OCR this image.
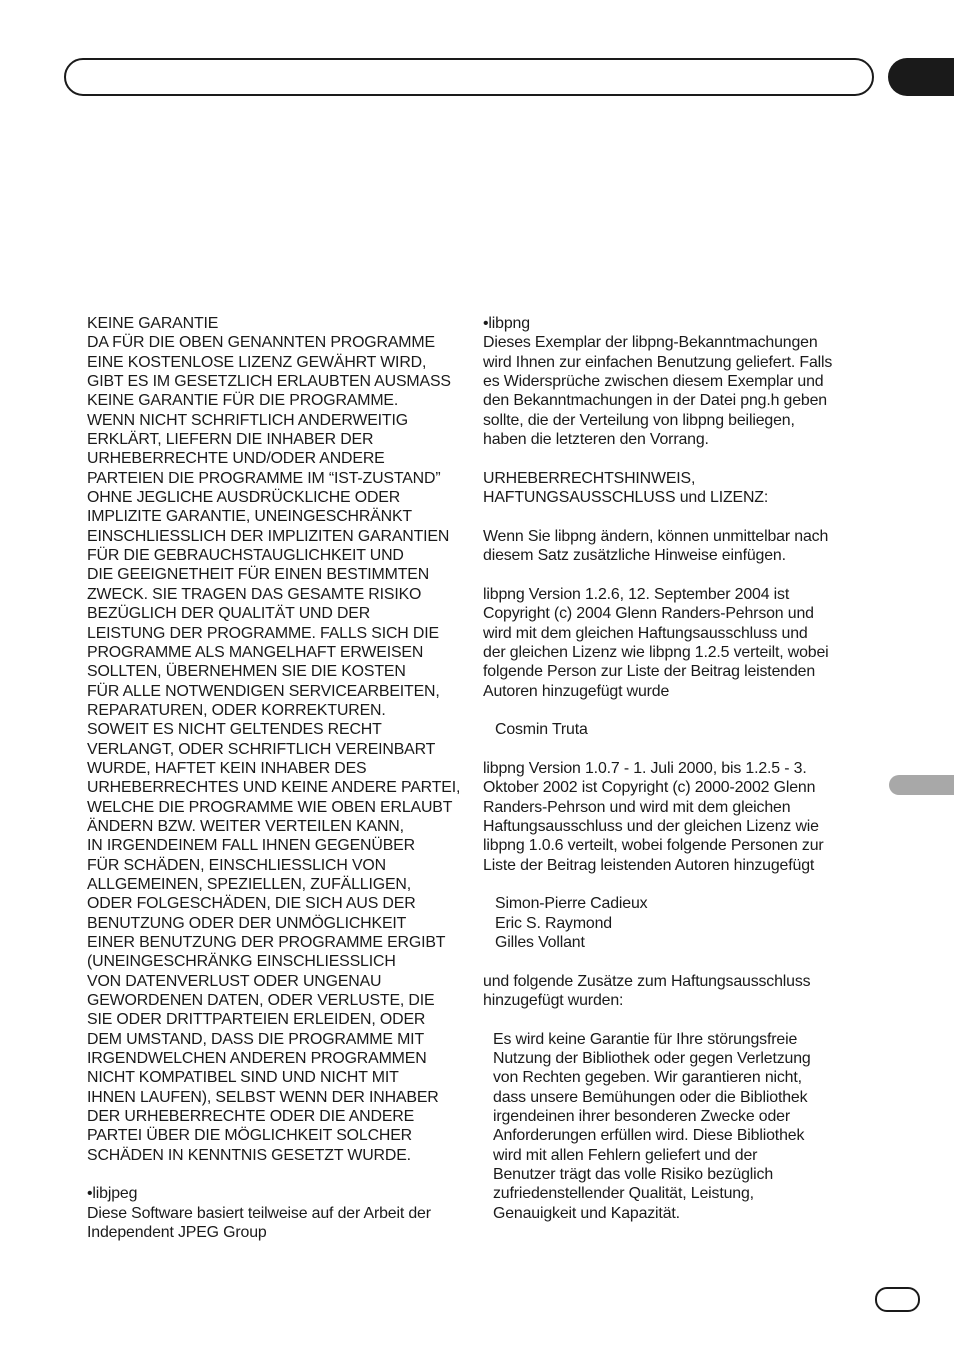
KEINE GARANTIE
DA FÜR DIE OBEN GENANNTEN PROGRAMME
EINE KOSTENLOSE LIZENZ GEWÄHRT WIRD,
GIBT ES IM GESETZLICH ERLAUBTEN AUSMASS
KEINE GARANTIE FÜR DIE PROGRAMME.
WENN NICHT SCHRIFTLICH ANDERWEITIG
ERKLÄRT, LIEFERN DIE INHABER DER
URHEBERRECHTE UND/ODER ANDERE
PARTEIEN DIE PROGRAMME IM “IST-ZUSTAND”
OHNE JEGLICHE AUSDRÜCKLICHE ODER
IMPLIZITE GARANTIE, UNEINGESCHRÄNKT
EINSCHLIESSLICH DER IMPLIZITEN GARANTIEN
FÜR DIE GEBRAUCHSTAUGLICHKEIT UND
DIE GEEIGNETHEIT FÜR EINEN BESTIMMTEN
ZWECK. SIE TRAGEN DAS GESAMTE RISIKO
BEZÜGLICH DER QUALITÄT UND DER
LEISTUNG DER PROGRAMME. FALLS SICH DIE
PROGRAMME ALS MANGELHAFT ERWEISEN
SOLLTEN, ÜBERNEHMEN SIE DIE KOSTEN
FÜR ALLE NOTWENDIGEN SERVICEARBEITEN,
REPARATUREN, ODER KORREKTUREN.
SOWEIT ES NICHT GELTENDES RECHT
VERLANGT, ODER SCHRIFTLICH VEREINBART
WURDE, HAFTET KEIN INHABER DES
URHEBERRECHTES UND KEINE ANDERE PARTEI,
WELCHE DIE PROGRAMME WIE OBEN ERLAUBT
ÄNDERN BZW. WEITER VERTEILEN KANN,
IN IRGENDEINEM FALL IHNEN GEGENÜBER
FÜR SCHÄDEN, EINSCHLIESSLICH VON
ALLGEMEINEN, SPEZIELLEN, ZUFÄLLIGEN,
ODER FOLGESCHÄDEN, DIE SICH AUS DER
BENUTZUNG ODER DER UNMÖGLICHKEIT
EINER BENUTZUNG DER PROGRAMME ERGIBT
(UNEINGESCHRÄNKG EINSCHLIESSLICH
VON DATENVERLUST ODER UNGENAU
GEWORDENEN DATEN, ODER VERLUSTE, DIE
SIE ODER DRITTPARTEIEN ERLEIDEN, ODER
DEM UMSTAND, DASS DIE PROGRAMME MIT
IRGENDWELCHEN ANDEREN PROGRAMMEN
NICHT KOMPATIBEL SIND UND NICHT MIT
IHNEN LAUFEN), SELBST WENN DER INHABER
DER URHEBERRECHTE ODER DIE ANDERE
PARTEI ÜBER DIE MÖGLICHKEIT SOLCHER
SCHÄDEN IN KENNTNIS GESETZT WURDE.
•libjpeg
Diese Software basiert teilweise auf der Arbeit der
Independent JPEG Group
•libpng
Dieses Exemplar der libpng-Bekanntmachungen
wird Ihnen zur einfachen Benutzung geliefert. Falls
es Widersprüche zwischen diesem Exemplar und
den Bekanntmachungen in der Datei png.h geben
sollte, die der Verteilung von libpng beiliegen,
haben die letzteren den Vorrang.
URHEBERRECHTSHINWEIS,
HAFTUNGSAUSSCHLUSS und LIZENZ:
Wenn Sie libpng ändern, können unmittelbar nach
diesem Satz zusätzliche Hinweise einfügen.
libpng Version 1.2.6, 12. September 2004 ist
Copyright (c) 2004 Glenn Randers-Pehrson und
wird mit dem gleichen Haftungsausschluss und
der gleichen Lizenz wie libpng 1.2.5 verteilt, wobei
folgende Person zur Liste der Beitrag leistenden
Autoren hinzugefügt wurde
Cosmin Truta
libpng Version 1.0.7 - 1. Juli 2000, bis 1.2.5 - 3.
Oktober 2002 ist Copyright (c) 2000-2002 Glenn
Randers-Pehrson und wird mit dem gleichen
Haftungsausschluss und der gleichen Lizenz wie
libpng 1.0.6 verteilt, wobei folgende Personen zur
Liste der Beitrag leistenden Autoren hinzugefügt
Simon-Pierre Cadieux
Eric S. Raymond
Gilles Vollant
und folgende Zusätze zum Haftungsausschluss
hinzugefügt wurden:
Es wird keine Garantie für Ihre störungsfreie
Nutzung der Bibliothek oder gegen Verletzung
von Rechten gegeben. Wir garantieren nicht,
dass unsere Bemühungen oder die Bibliothek
irgendeinen ihrer besonderen Zwecke oder
Anforderungen erfüllen wird. Diese Bibliothek
wird mit allen Fehlern geliefert und der
Benutzer trägt das volle Risiko bezüglich
zufriedenstellender Qualität, Leistung,
Genauigkeit und Kapazität.
